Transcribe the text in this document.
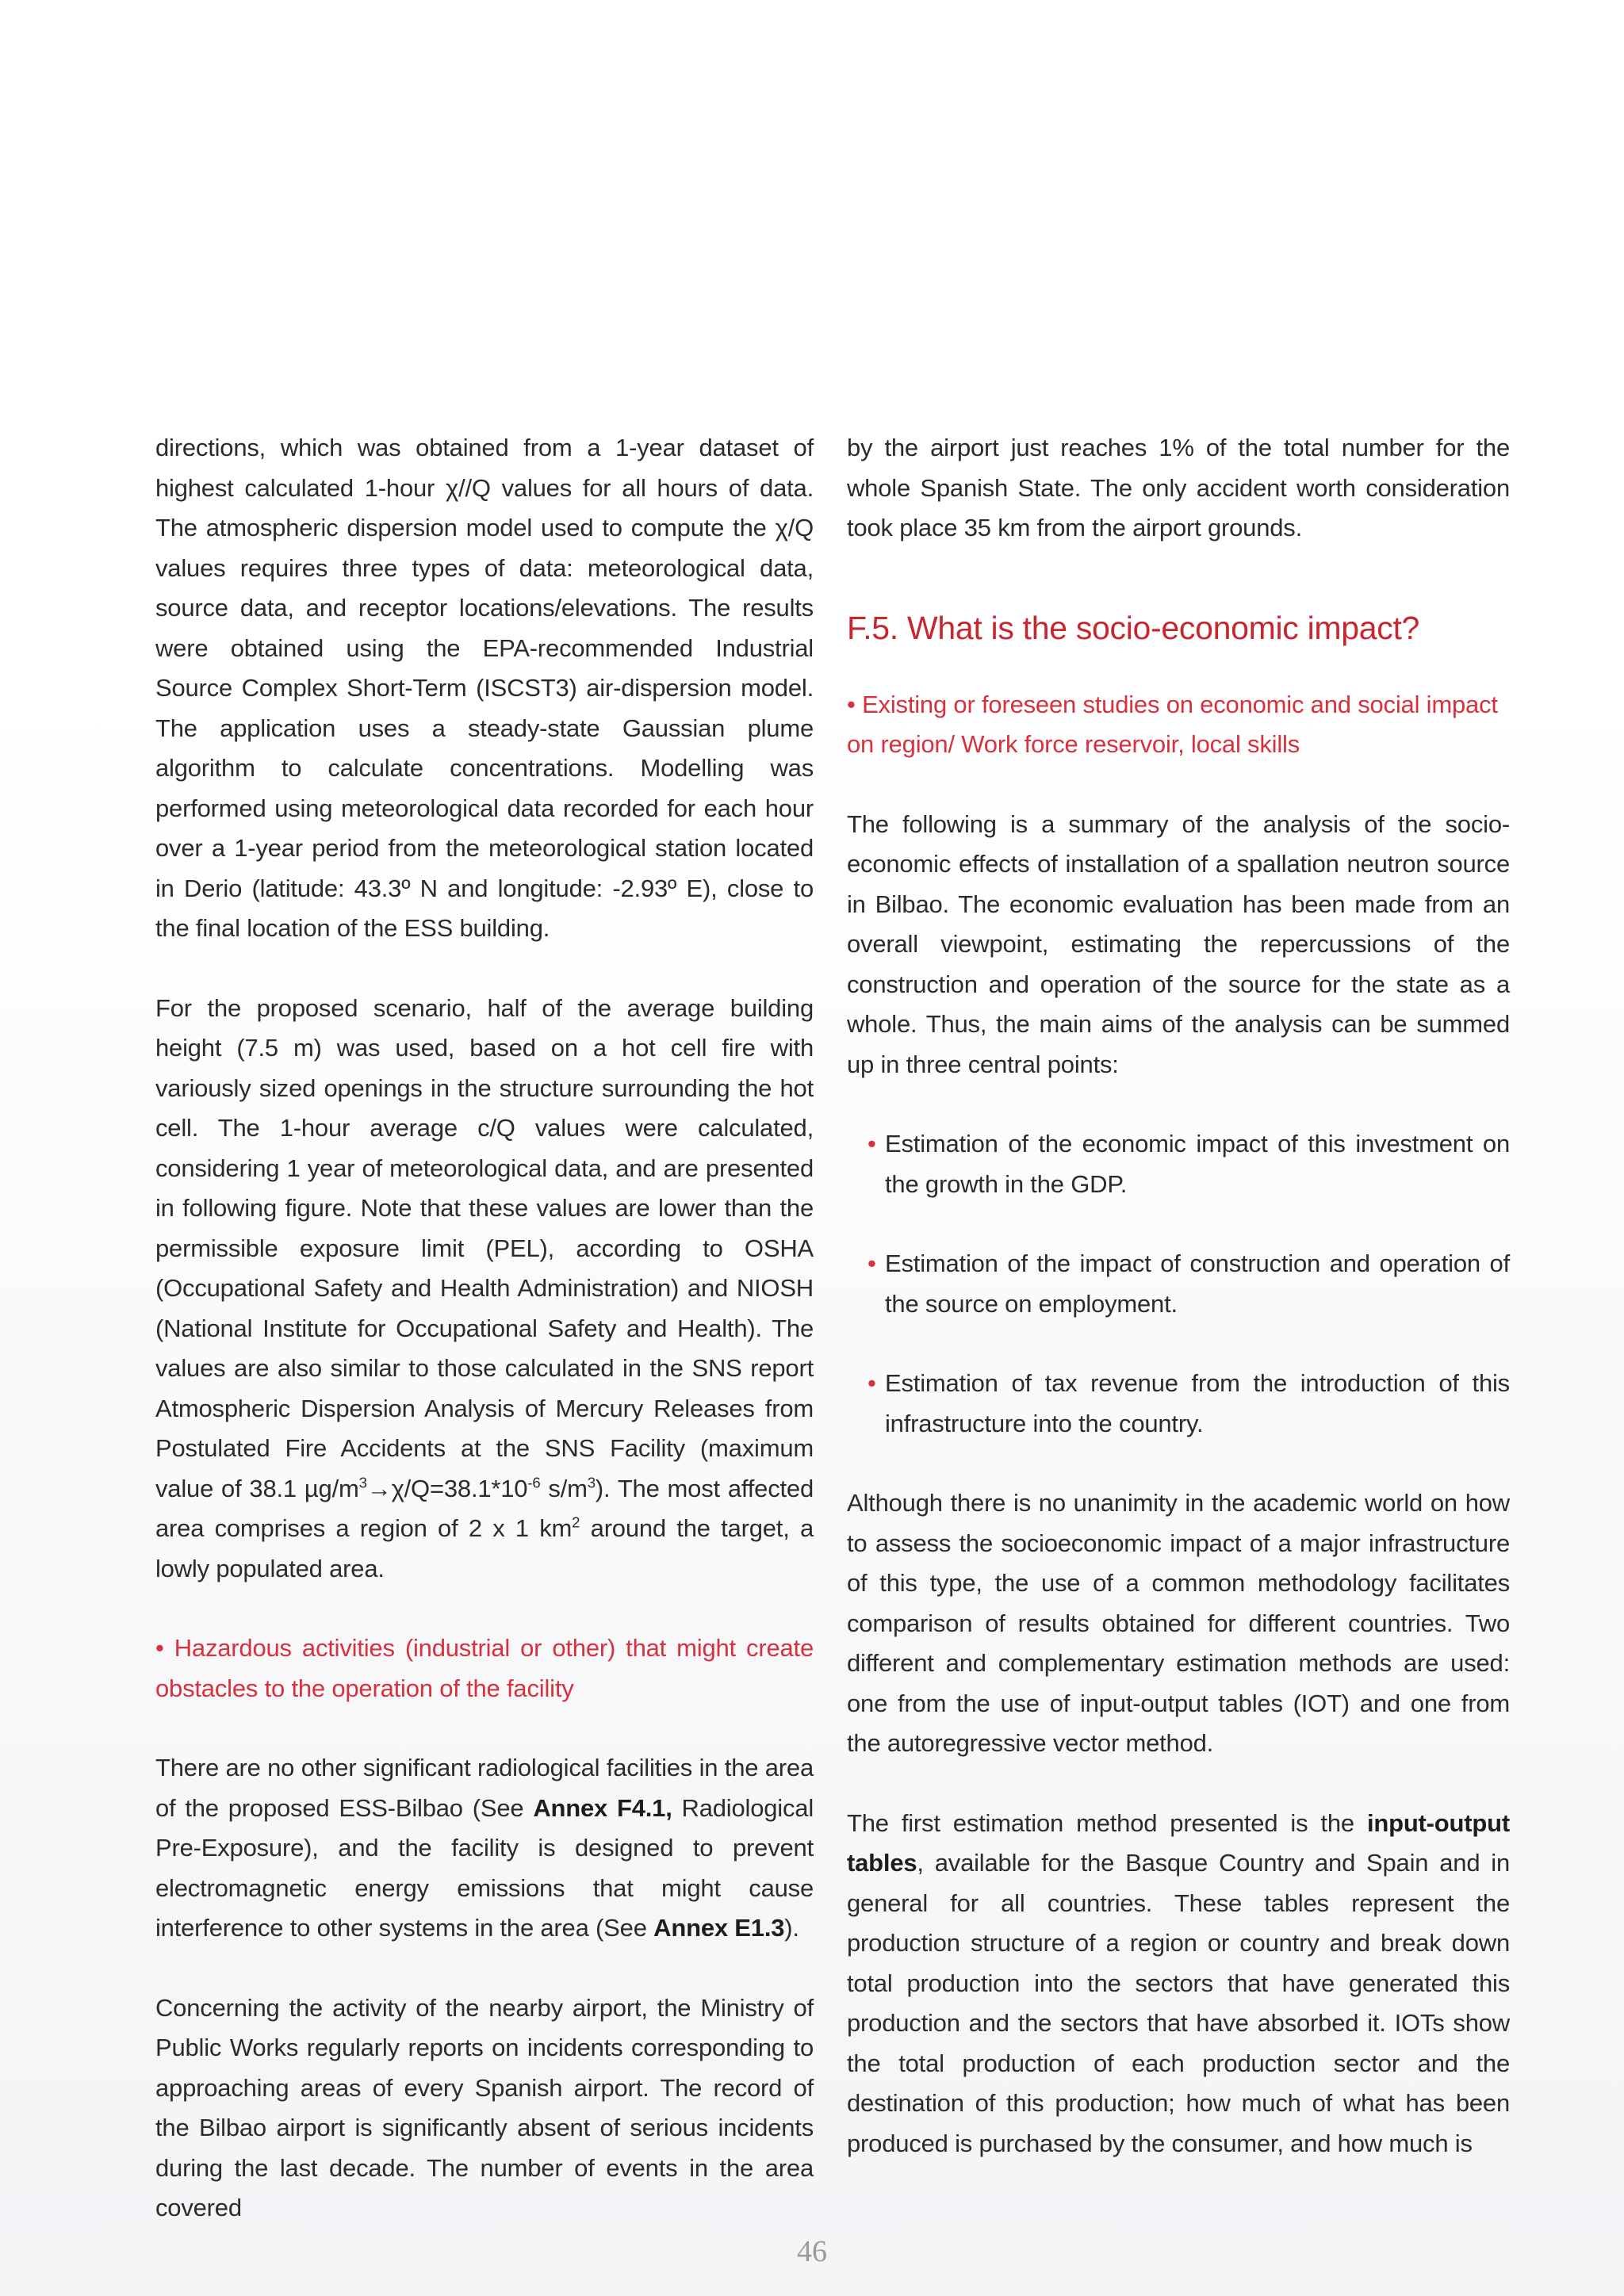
directions, which was obtained from a 1-year dataset of highest calculated 1-hour χ//Q values for all hours of data. The atmospheric dispersion model used to compute the χ/Q values requires three types of data: meteorological data, source data, and receptor locations/elevations. The results were obtained using the EPA-recommended Industrial Source Complex Short-Term (ISCST3) air-dispersion model. The application uses a steady-state Gaussian plume algorithm to calculate concentrations. Modelling was performed using meteorological data recorded for each hour over a 1-year period from the meteorological station located in Derio (latitude: 43.3º N and longitude: -2.93º E), close to the final location of the ESS building.

For the proposed scenario, half of the average building height (7.5 m) was used, based on a hot cell fire with variously sized openings in the structure surrounding the hot cell. The 1-hour average c/Q values were calculated, considering 1 year of meteorological data, and are presented in following figure. Note that these values are lower than the permissible exposure limit (PEL), according to OSHA (Occupational Safety and Health Administration) and NIOSH (National Institute for Occupational Safety and Health). The values are also similar to those calculated in the SNS report Atmospheric Dispersion Analysis of Mercury Releases from Postulated Fire Accidents at the SNS Facility (maximum value of 38.1 $\mu g/m^3\to\chi/Q=38.1*10^{-6}$ $s/m^3$). The most affected area comprises a region of 2 x 1 $km^2$ around the target, a lowly populated area.

• Hazardous activities (industrial or other) that might create obstacles to the operation of the facility

There are no other significant radiological facilities in the area of the proposed ESS-Bilbao (See Annex F4.1, Radiological Pre-Exposure), and the facility is designed to prevent electromagnetic energy emissions that might cause interference to other systems in the area (See Annex E1.3).

Concerning the activity of the nearby airport, the Ministry of Public Works regularly reports on incidents corresponding to approaching areas of every Spanish airport. The record of the Bilbao airport is significantly absent of serious incidents during the last decade. The number of events in the area covered

by the airport just reaches 1% of the total number for the whole Spanish State. The only accident worth consideration took place 35 km from the airport grounds.

F.5. What is the socio-economic impact?

• Existing or foreseen studies on economic and social impact on region/ Work force reservoir, local skills

The following is a summary of the analysis of the socio-economic effects of installation of a spallation neutron source in Bilbao. The economic evaluation has been made from an overall viewpoint, estimating the repercussions of the construction and operation of the source for the state as a whole. Thus, the main aims of the analysis can be summed up in three central points:

• Estimation of the economic impact of this investment on the growth in the GDP.

• Estimation of the impact of construction and operation of the source on employment.

• Estimation of tax revenue from the introduction of this infrastructure into the country.

Although there is no unanimity in the academic world on how to assess the socioeconomic impact of a major infrastructure of this type, the use of a common methodology facilitates comparison of results obtained for different countries. Two different and complementary estimation methods are used: one from the use of input-output tables (IOT) and one from the autoregressive vector method.

The first estimation method presented is the input-output tables, available for the Basque Country and Spain and in general for all countries. These tables represent the production structure of a region or country and break down total production into the sectors that have generated this production and the sectors that have absorbed it. IOTs show the total production of each production sector and the destination of this production; how much of what has been produced is purchased by the consumer, and how much is

46
